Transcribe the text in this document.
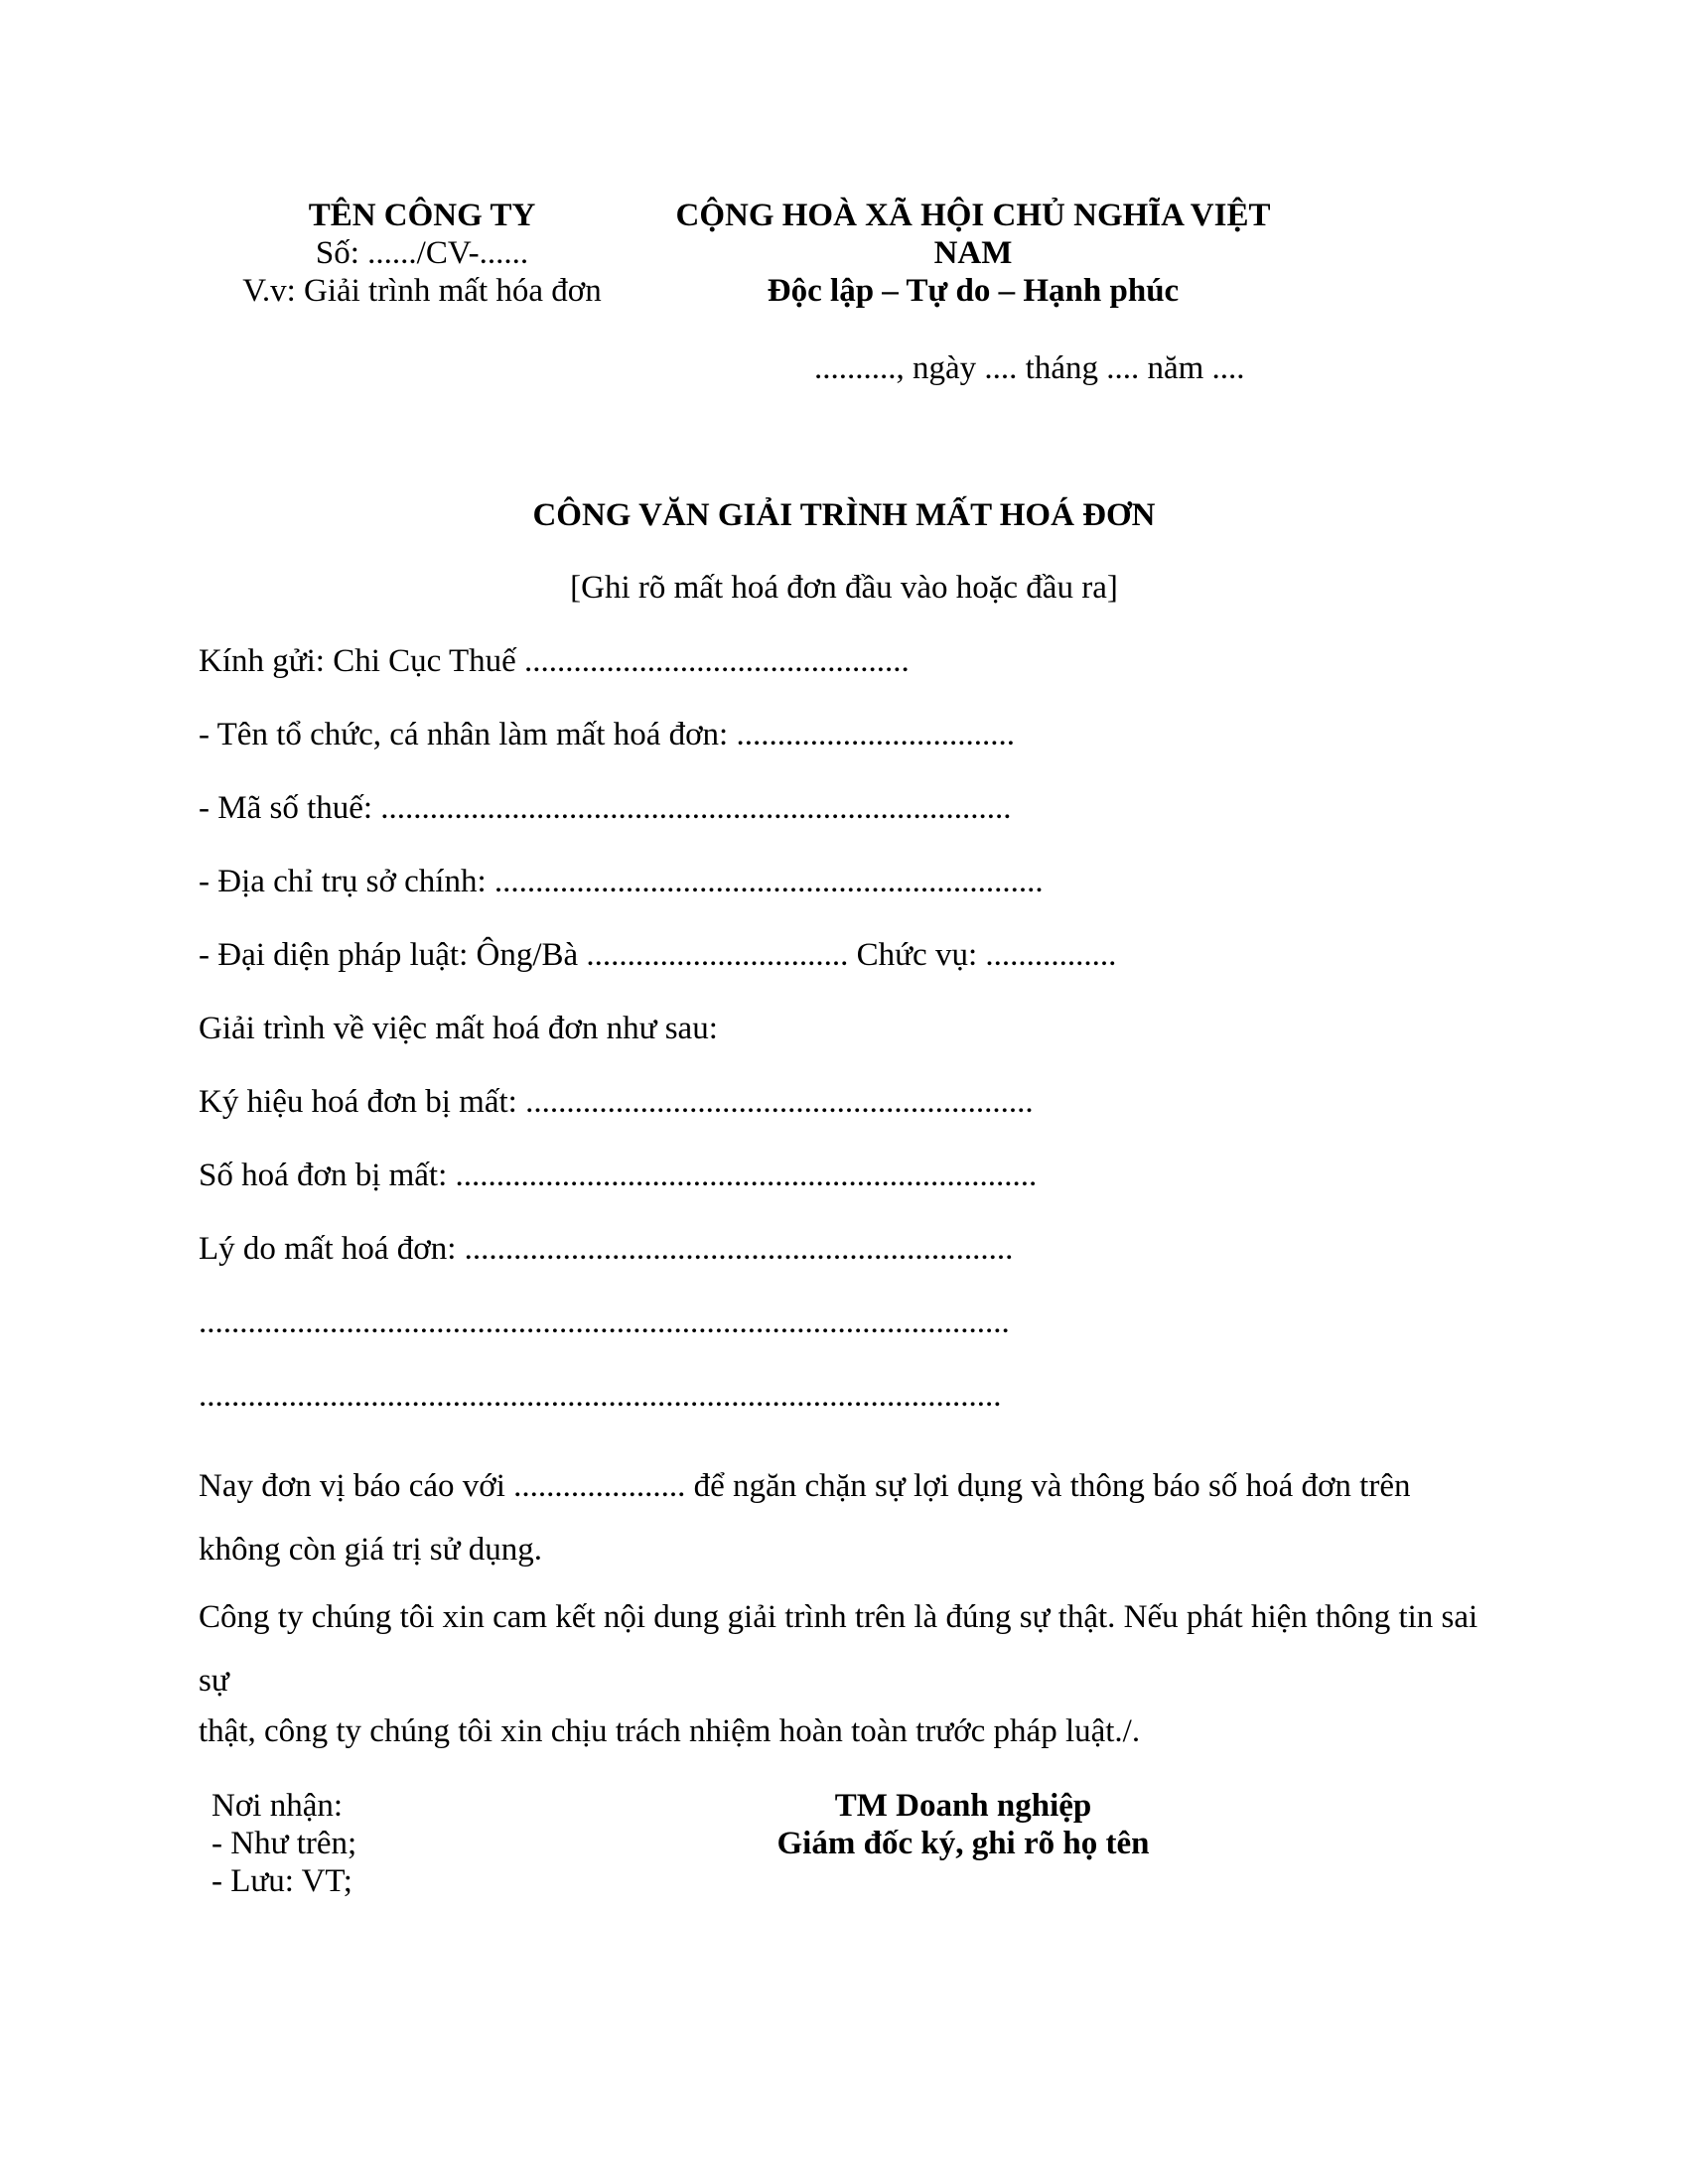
TÊN CÔNG TY
Số: ....../CV-......
V.v: Giải trình mất hóa đơn
CỘNG HOÀ XÃ HỘI CHỦ NGHĨA VIỆT
NAM
Độc lập – Tự do – Hạnh phúc
.........., ngày .... tháng .... năm ....
CÔNG VĂN GIẢI TRÌNH MẤT HOÁ ĐƠN
[Ghi rõ mất hoá đơn đầu vào hoặc đầu ra]
Kính gửi: Chi Cục Thuế ...............................................
- Tên tổ chức, cá nhân làm mất hoá đơn: ..................................
- Mã số thuế: .............................................................................
- Địa chỉ trụ sở chính: ...................................................................
- Đại diện pháp luật: Ông/Bà ................................ Chức vụ: ................
Giải trình về việc mất hoá đơn như sau:
Ký hiệu hoá đơn bị mất: ..............................................................
Số hoá đơn bị mất: .......................................................................
Lý do mất hoá đơn: ...................................................................
...................................................................................................
..................................................................................................
Nay đơn vị báo cáo với ..................... để ngăn chặn sự lợi dụng và thông báo số hoá đơn trên không còn giá trị sử dụng.
Công ty chúng tôi xin cam kết nội dung giải trình trên là đúng sự thật. Nếu phát hiện thông tin sai sự
thật, công ty chúng tôi xin chịu trách nhiệm hoàn toàn trước pháp luật./.
Nơi nhận:
- Như trên;
- Lưu: VT;
TM Doanh nghiệp
Giám đốc ký, ghi rõ họ tên
